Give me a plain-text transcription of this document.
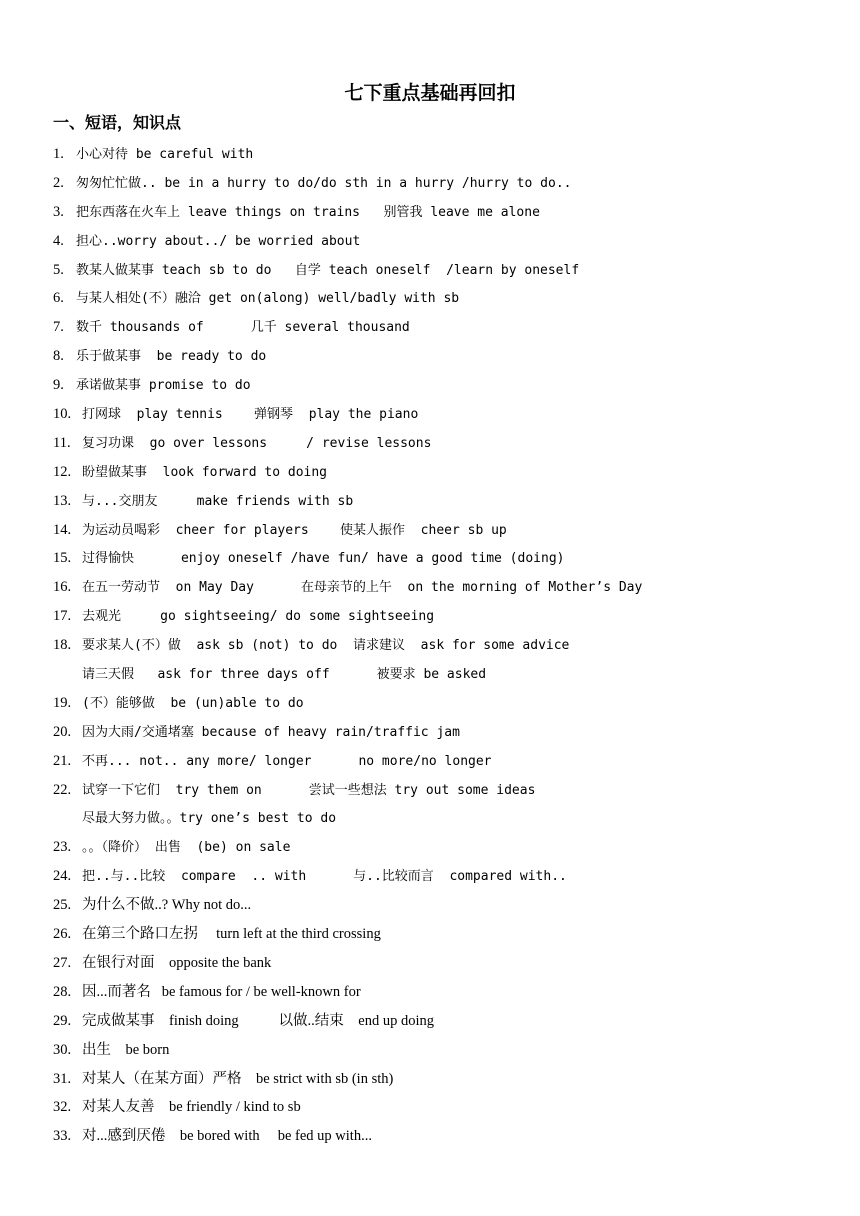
七下重点基础再回扣
一、短语，知识点
1. 小心对待 be careful with
2. 匆匆忙忙做.. be in a hurry to do/do sth in a hurry /hurry to do..
3. 把东西落在火车上 leave things on trains   别管我 leave me alone
4. 担心..worry about../ be worried about
5. 教某人做某事 teach sb to do   自学 teach oneself  /learn by oneself
6. 与某人相处(不）融洽 get on(along) well/badly with sb
7. 数千 thousands of      几千 several thousand
8. 乐于做某事  be ready to do
9. 承诺做某事 promise to do
10. 打网球  play tennis    弹钢琴  play the piano
11. 复习功课  go over lessons     / revise lessons
12. 盼望做某事  look forward to doing
13. 与...交朋友     make friends with sb
14. 为运动员喝彩  cheer for players    使某人振作  cheer sb up
15. 过得愉快      enjoy oneself /have fun/ have a good time (doing)
16. 在五一劳动节  on May Day      在母亲节的上午  on the morning of Mother’s Day
17. 去观光     go sightseeing/ do some sightseeing
18. 要求某人(不）做  ask sb (not) to do  请求建议  ask for some advice
请三天假   ask for three days off      被要求 be asked
19. (不）能够做  be (un)able to do
20. 因为大雨/交通堵塞 because of heavy rain/traffic jam
21. 不再... not.. any more/ longer      no more/no longer
22. 试穿一下它们  try them on      尝试一些想法 try out some ideas
尽最大努力做。。try one’s best to do
23. 。。（降价） 出售  (be) on sale
24. 把..与..比较  compare  .. with      与..比较而言  compared with..
25. 为什么不做..? Why not do...
26. 在第三个路口左拐     turn left at the third crossing
27. 在银行对面    opposite the bank
28. 因...而著名   be famous for / be well-known for
29. 完成做某事    finish doing           以做..结束    end up doing
30. 出生    be born
31. 对某人（在某方面）严格    be strict with sb (in sth)
32. 对某人友善    be friendly / kind to sb
33. 对...感到厌倦    be bored with     be fed up with...
